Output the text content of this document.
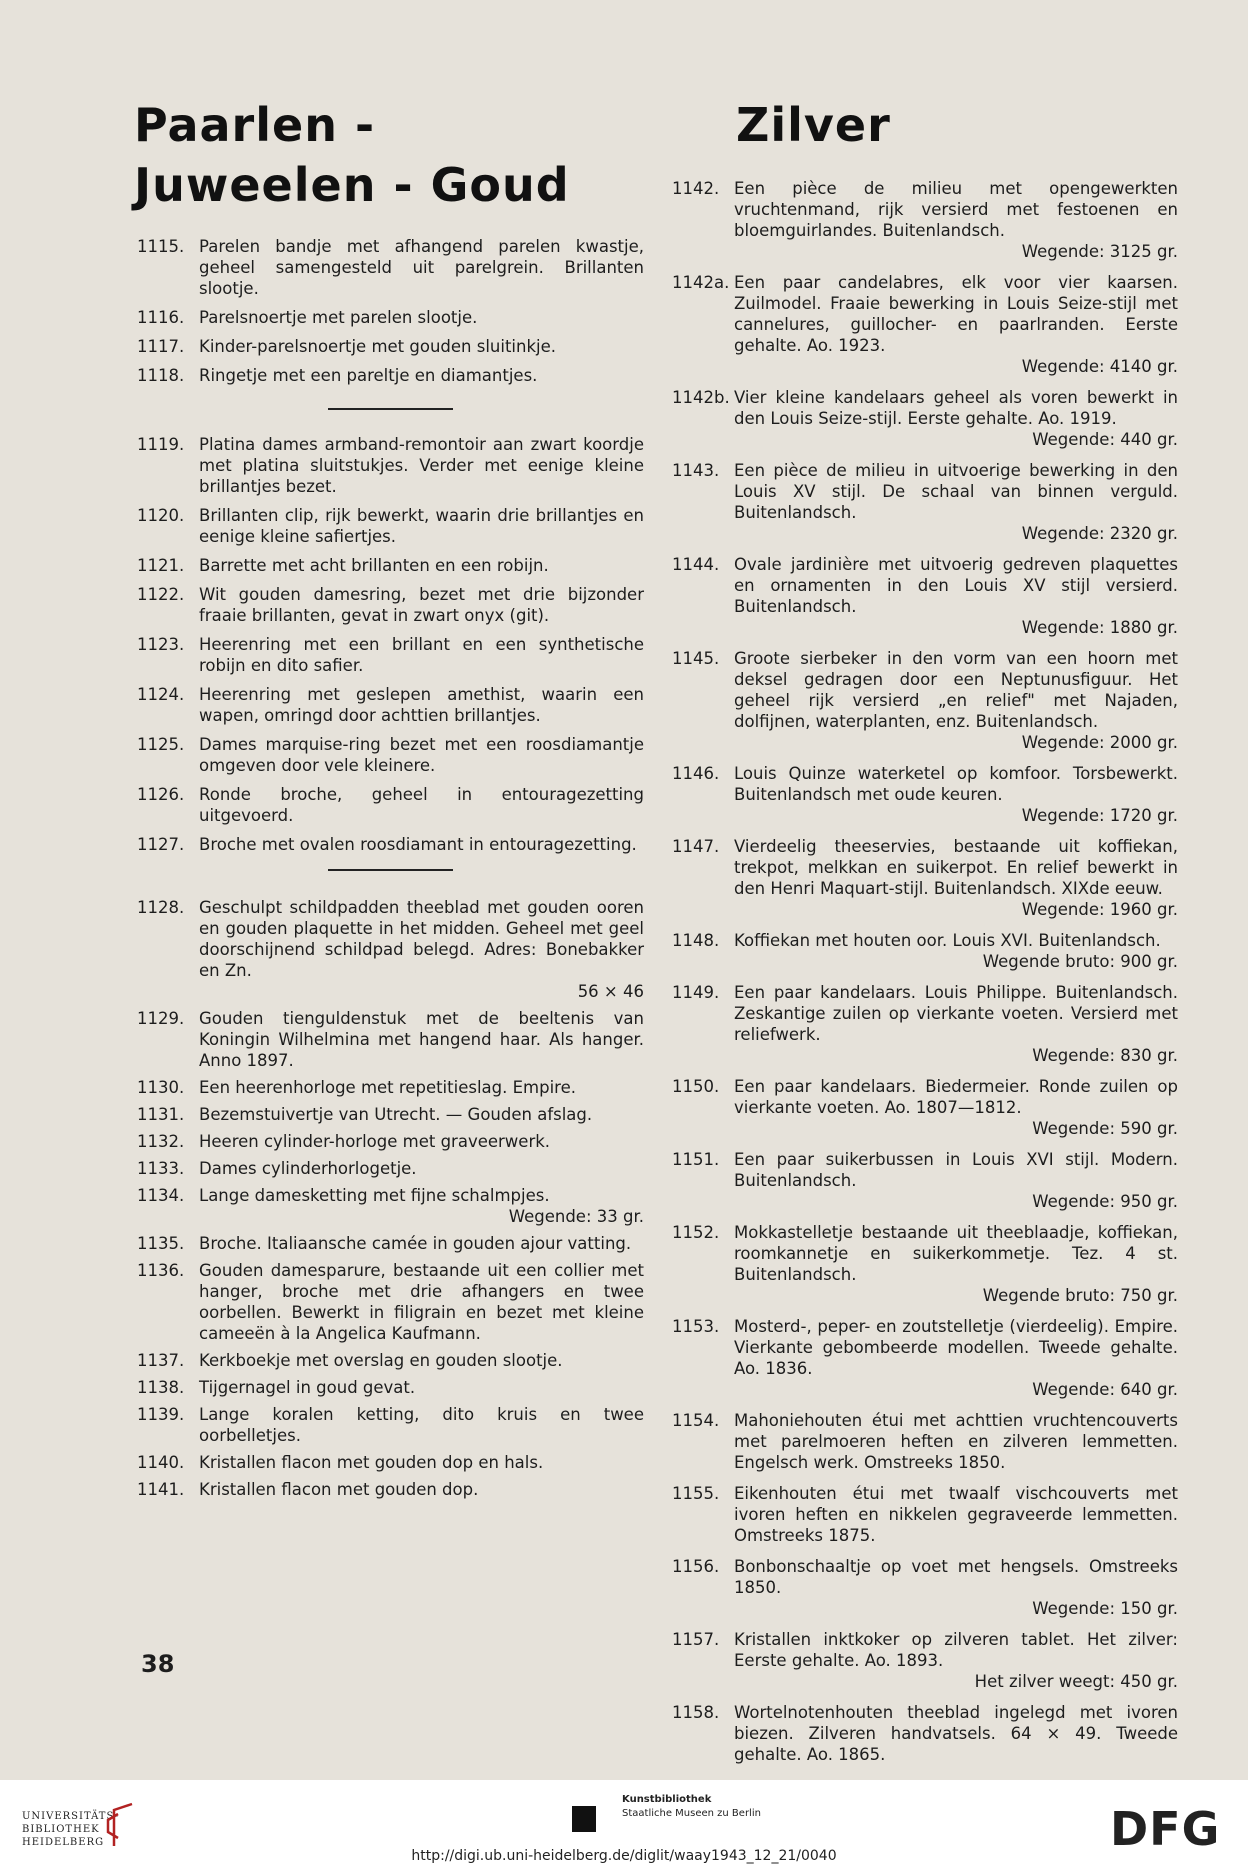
Paarlen -
Juweelen - Goud
Zilver
1115. Parelen bandje met afhangend parelen kwastje, geheel samengesteld uit parelgrein. Brillanten slootje.
1116. Parelsnoertje met parelen slootje.
1117. Kinder-parelsnoertje met gouden sluitinkje.
1118. Ringetje met een pareltje en diamantjes.
1119. Platina dames armband-remontoir aan zwart koordje met platina sluitstukjes. Verder met eenige kleine brillantjes bezet.
1120. Brillanten clip, rijk bewerkt, waarin drie brillantjes en eenige kleine safiertjes.
1121. Barrette met acht brillanten en een robijn.
1122. Wit gouden damesring, bezet met drie bijzonder fraaie brillanten, gevat in zwart onyx (git).
1123. Heerenring met een brillant en een synthetische robijn en dito safier.
1124. Heerenring met geslepen amethist, waarin een wapen, omringd door achttien brillantjes.
1125. Dames marquise-ring bezet met een roosdiamantje omgeven door vele kleinere.
1126. Ronde broche, geheel in entouragezetting uitgevoerd.
1127. Broche met ovalen roosdiamant in entouragezetting.
1128. Geschulpt schildpadden theeblad met gouden ooren en gouden plaquette in het midden. Geheel met geel doorschijnend schildpad belegd. Adres: Bonebakker en Zn.
56 × 46
1129. Gouden tienguldenstuk met de beeltenis van Koningin Wilhelmina met hangend haar. Als hanger. Anno 1897.
1130. Een heerenhorloge met repetitieslag. Empire.
1131. Bezemstuivertje van Utrecht. — Gouden afslag.
1132. Heeren cylinder-horloge met graveerwerk.
1133. Dames cylinderhorlogetje.
1134. Lange damesketting met fijne schalmpjes.
Wegende: 33 gr.
1135. Broche. Italiaansche camée in gouden ajour vatting.
1136. Gouden damesparure, bestaande uit een collier met hanger, broche met drie afhangers en twee oorbellen. Bewerkt in filigrain en bezet met kleine cameeën à la Angelica Kaufmann.
1137. Kerkboekje met overslag en gouden slootje.
1138. Tijgernagel in goud gevat.
1139. Lange koralen ketting, dito kruis en twee oorbelletjes.
1140. Kristallen flacon met gouden dop en hals.
1141. Kristallen flacon met gouden dop.
1142. Een pièce de milieu met opengewerkten vruchtenmand, rijk versierd met festoenen en bloemguirlandes. Buitenlandsch.
Wegende: 3125 gr.
1142a. Een paar candelabres, elk voor vier kaarsen. Zuilmodel. Fraaie bewerking in Louis Seize-stijl met cannelures, guillocher- en paarlranden. Eerste gehalte. Ao. 1923.
Wegende: 4140 gr.
1142b. Vier kleine kandelaars geheel als voren bewerkt in den Louis Seize-stijl. Eerste gehalte. Ao. 1919.
Wegende: 440 gr.
1143. Een pièce de milieu in uitvoerige bewerking in den Louis XV stijl. De schaal van binnen verguld. Buitenlandsch.
Wegende: 2320 gr.
1144. Ovale jardinière met uitvoerig gedreven plaquettes en ornamenten in den Louis XV stijl versierd. Buitenlandsch.
Wegende: 1880 gr.
1145. Groote sierbeker in den vorm van een hoorn met deksel gedragen door een Neptunusfiguur. Het geheel rijk versierd „en relief" met Najaden, dolfijnen, waterplanten, enz. Buitenlandsch.
Wegende: 2000 gr.
1146. Louis Quinze waterketel op komfoor. Torsbewerkt. Buitenlandsch met oude keuren.
Wegende: 1720 gr.
1147. Vierdeelig theeservies, bestaande uit koffiekan, trekpot, melkkan en suikerpot. En relief bewerkt in den Henri Maquart-stijl. Buitenlandsch. XIXde eeuw.
Wegende: 1960 gr.
1148. Koffiekan met houten oor. Louis XVI. Buitenlandsch.
Wegende bruto: 900 gr.
1149. Een paar kandelaars. Louis Philippe. Buitenlandsch. Zeskantige zuilen op vierkante voeten. Versierd met reliefwerk.
Wegende: 830 gr.
1150. Een paar kandelaars. Biedermeier. Ronde zuilen op vierkante voeten. Ao. 1807—1812.
Wegende: 590 gr.
1151. Een paar suikerbussen in Louis XVI stijl. Modern. Buitenlandsch.
Wegende: 950 gr.
1152. Mokkastelletje bestaande uit theeblaadje, koffiekan, roomkannetje en suikerkommetje. Tez. 4 st. Buitenlandsch.
Wegende bruto: 750 gr.
1153. Mosterd-, peper- en zoutstelletje (vierdeelig). Empire. Vierkante gebombeerde modellen. Tweede gehalte. Ao. 1836.
Wegende: 640 gr.
1154. Mahoniehouten étui met achttien vruchtencouverts met parelmoeren heften en zilveren lemmetten. Engelsch werk. Omstreeks 1850.
1155. Eikenhouten étui met twaalf vischcouverts met ivoren heften en nikkelen gegraveerde lemmetten. Omstreeks 1875.
1156. Bonbonschaaltje op voet met hengsels. Omstreeks 1850.
Wegende: 150 gr.
1157. Kristallen inktkoker op zilveren tablet. Het zilver: Eerste gehalte. Ao. 1893.
Het zilver weegt: 450 gr.
1158. Wortelnotenhouten theeblad ingelegd met ivoren biezen. Zilveren handvatsels. 64 × 49. Tweede gehalte. Ao. 1865.
38
UNIVERSITÄTS-
BIBLIOTHEK
HEIDELBERG
Kunstbibliothek
Staatliche Museen zu Berlin	DFG
http://digi.ub.uni-heidelberg.de/diglit/waay1943_12_21/0040
